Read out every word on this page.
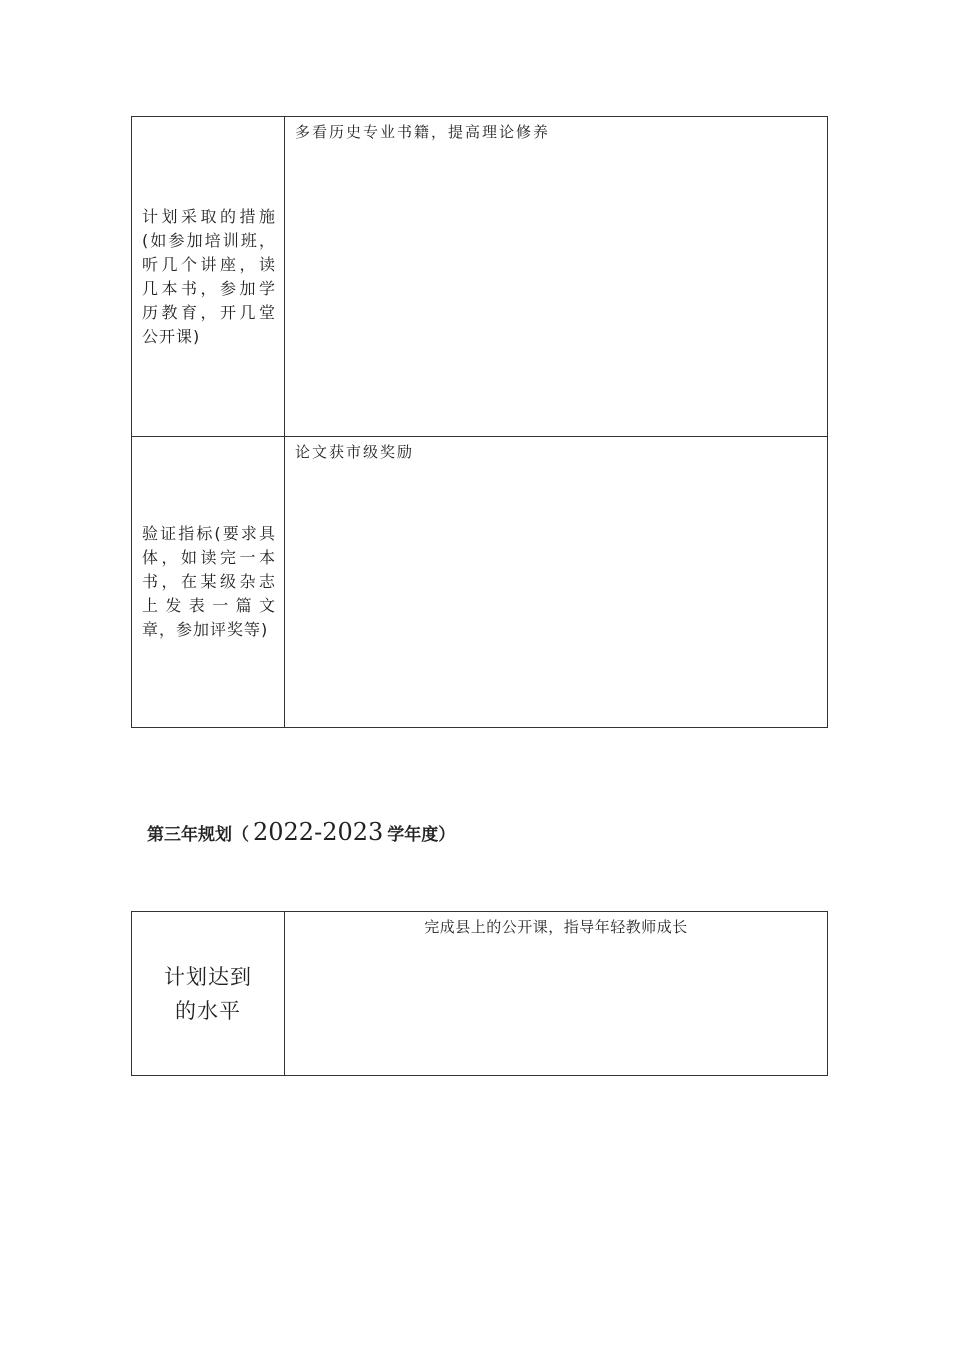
计划采取的措施(如参加培训班，听几个讲座，读几本书，参加学历教育，开几堂公开课)
多看历史专业书籍，提高理论修养
验证指标(要求具体，如读完一本书，在某级杂志上发表一篇文章，参加评奖等)
论文获市级奖励
第三年规划（ 2022-2023 学年度）
计划达到的水平
完成县上的公开课，指导年轻教师成长
